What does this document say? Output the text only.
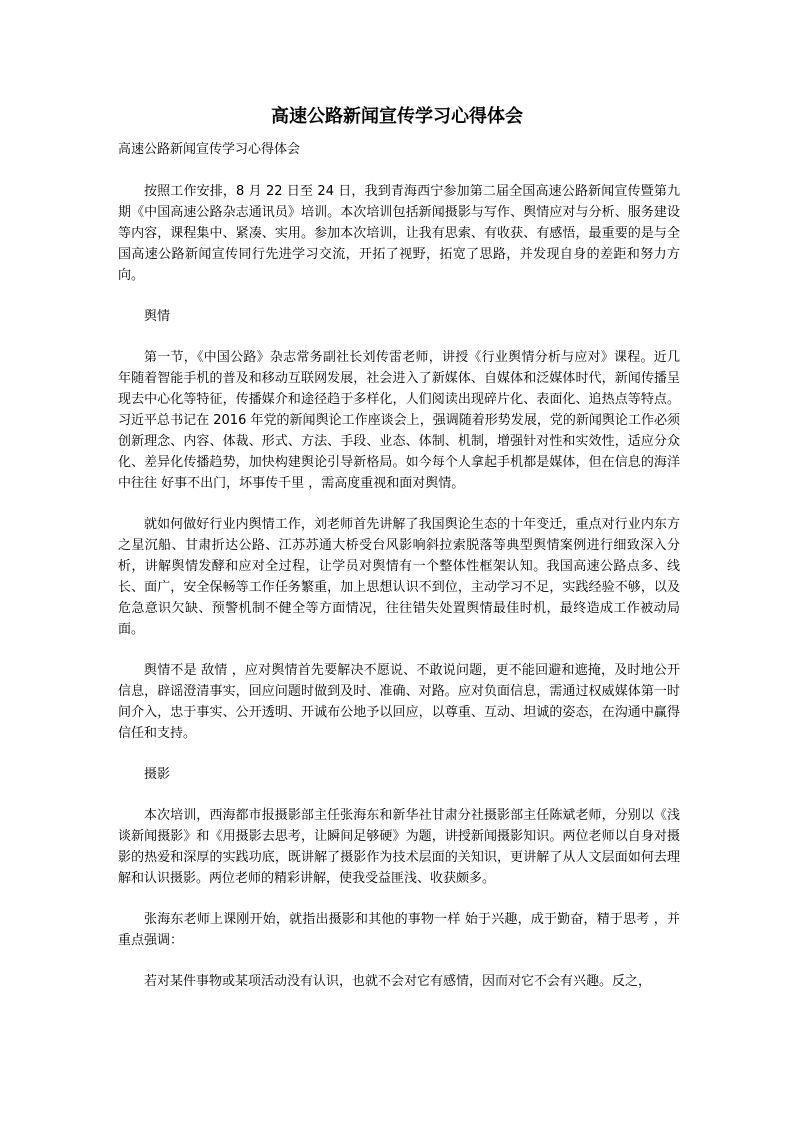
高速公路新闻宣传学习心得体会

高速公路新闻宣传学习心得体会

按照工作安排，8 月 22 日至 24 日，我到青海西宁参加第二届全国高速公路新闻宣传暨第九期《中国高速公路杂志通讯员》培训。本次培训包括新闻摄影与写作、舆情应对与分析、服务建设等内容，课程集中、紧凑、实用。参加本次培训，让我有思索、有收获、有感悟，最重要的是与全国高速公路新闻宣传同行先进学习交流，开拓了视野，拓宽了思路，并发现自身的差距和努力方向。

舆情

第一节，《中国公路》杂志常务副社长刘传雷老师，讲授《行业舆情分析与应对》课程。近几年随着智能手机的普及和移动互联网发展，社会进入了新媒体、自媒体和泛媒体时代，新闻传播呈现去中心化等特征，传播媒介和途径趋于多样化，人们阅读出现碎片化、表面化、追热点等特点。习近平总书记在 2016 年党的新闻舆论工作座谈会上，强调随着形势发展，党的新闻舆论工作必须创新理念、内容、体裁、形式、方法、手段、业态、体制、机制，增强针对性和实效性，适应分众化、差异化传播趋势，加快构建舆论引导新格局。如今每个人拿起手机都是媒体，但在信息的海洋中往往 好事不出门，坏事传千里 ，需高度重视和面对舆情。

就如何做好行业内舆情工作，刘老师首先讲解了我国舆论生态的十年变迁，重点对行业内东方之星沉船、甘肃折达公路、江苏苏通大桥受台风影响斜拉索脱落等典型舆情案例进行细致深入分析，讲解舆情发酵和应对全过程，让学员对舆情有一个整体性框架认知。我国高速公路点多、线长、面广，安全保畅等工作任务繁重，加上思想认识不到位，主动学习不足，实践经验不够，以及危急意识欠缺、预警机制不健全等方面情况，往往错失处置舆情最佳时机，最终造成工作被动局面。

舆情不是 敌情 ，应对舆情首先要解决不愿说、不敢说问题，更不能回避和遮掩，及时地公开信息，辟谣澄清事实，回应问题时做到及时、准确、对路。应对负面信息，需通过权威媒体第一时间介入，忠于事实、公开透明、开诚布公地予以回应，以尊重、互动、坦诚的姿态，在沟通中赢得信任和支持。

摄影

本次培训，西海都市报摄影部主任张海东和新华社甘肃分社摄影部主任陈斌老师，分别以《浅谈新闻摄影》和《用摄影去思考，让瞬间足够硬》为题，讲授新闻摄影知识。两位老师以自身对摄影的热爱和深厚的实践功底，既讲解了摄影作为技术层面的关知识，更讲解了从人文层面如何去理解和认识摄影。两位老师的精彩讲解，使我受益匪浅、收获颇多。

张海东老师上课刚开始，就指出摄影和其他的事物一样 始于兴趣，成于勤奋，精于思考 ，并重点强调：

若对某件事物或某项活动没有认识，也就不会对它有感情，因而对它不会有兴趣。反之，
